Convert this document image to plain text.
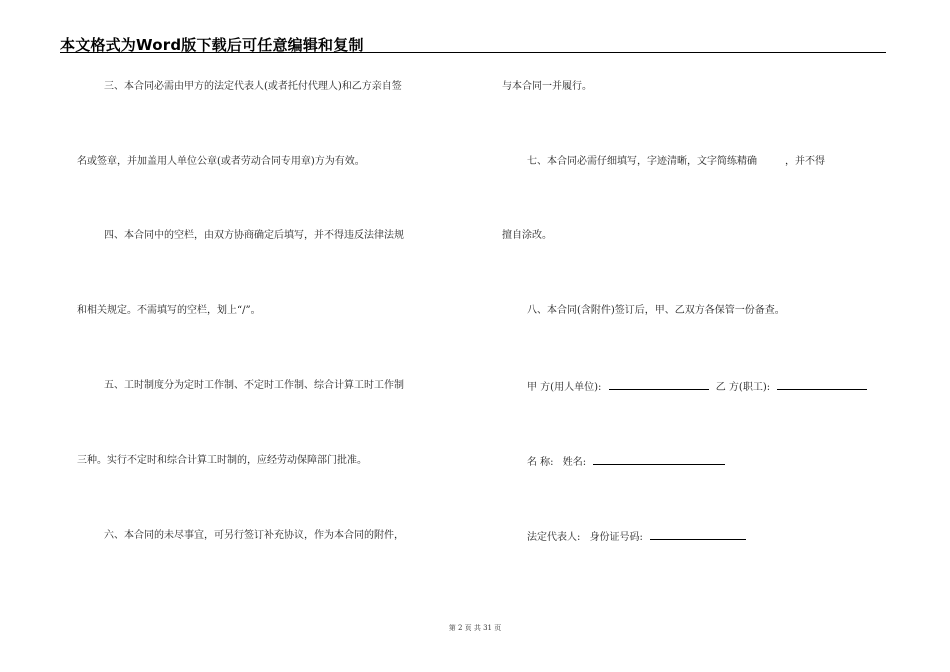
本文格式为Word版下载后可任意编辑和复制
三、本合同必需由甲方的法定代表人(或者托付代理人)和乙方亲自签
名或签章，并加盖用人单位公章(或者劳动合同专用章)方为有效。
四、本合同中的空栏，由双方协商确定后填写，并不得违反法律法规
和相关规定。不需填写的空栏，划上“/”。
五、工时制度分为定时工作制、不定时工作制、综合计算工时工作制
三种。实行不定时和综合计算工时制的，应经劳动保障部门批准。
六、本合同的未尽事宜，可另行签订补充协议，作为本合同的附件，
与本合同一并履行。
七、本合同必需仔细填写，字迹清晰，文字简练精确	，并不得
擅自涂改。
八、本合同(含附件)签订后，甲、乙双方各保管一份备查。
甲 方(用人单位):	乙 方(职工):
名 称: 姓名:
法定代表人: 身份证号码:
第 2 页 共 31 页
